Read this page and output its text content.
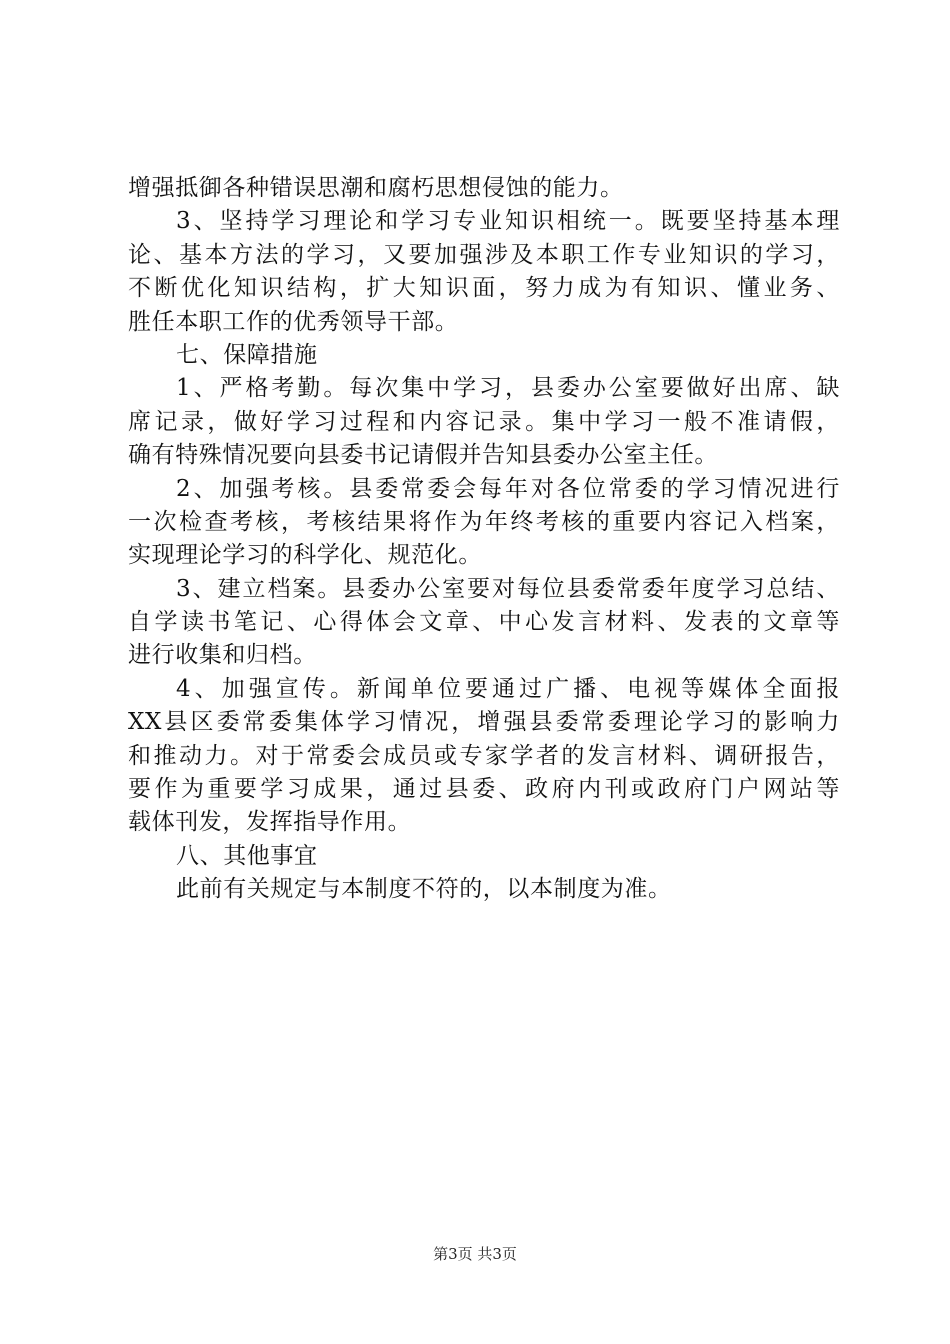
增强抵御各种错误思潮和腐朽思想侵蚀的能力。
3、坚持学习理论和学习专业知识相统一。既要坚持基本理
论、基本方法的学习，又要加强涉及本职工作专业知识的学习，
不断优化知识结构，扩大知识面，努力成为有知识、懂业务、
胜任本职工作的优秀领导干部。
七、保障措施
1、严格考勤。每次集中学习，县委办公室要做好出席、缺
席记录，做好学习过程和内容记录。集中学习一般不准请假，
确有特殊情况要向县委书记请假并告知县委办公室主任。
2、加强考核。县委常委会每年对各位常委的学习情况进行
一次检查考核，考核结果将作为年终考核的重要内容记入档案，
实现理论学习的科学化、规范化。
3、建立档案。县委办公室要对每位县委常委年度学习总结、
自学读书笔记、心得体会文章、中心发言材料、发表的文章等
进行收集和归档。
4、加强宣传。新闻单位要通过广播、电视等媒体全面报
XX县区委常委集体学习情况，增强县委常委理论学习的影响力
和推动力。对于常委会成员或专家学者的发言材料、调研报告，
要作为重要学习成果，通过县委、政府内刊或政府门户网站等
载体刊发，发挥指导作用。
八、其他事宜
此前有关规定与本制度不符的，以本制度为准。
第3页 共3页
